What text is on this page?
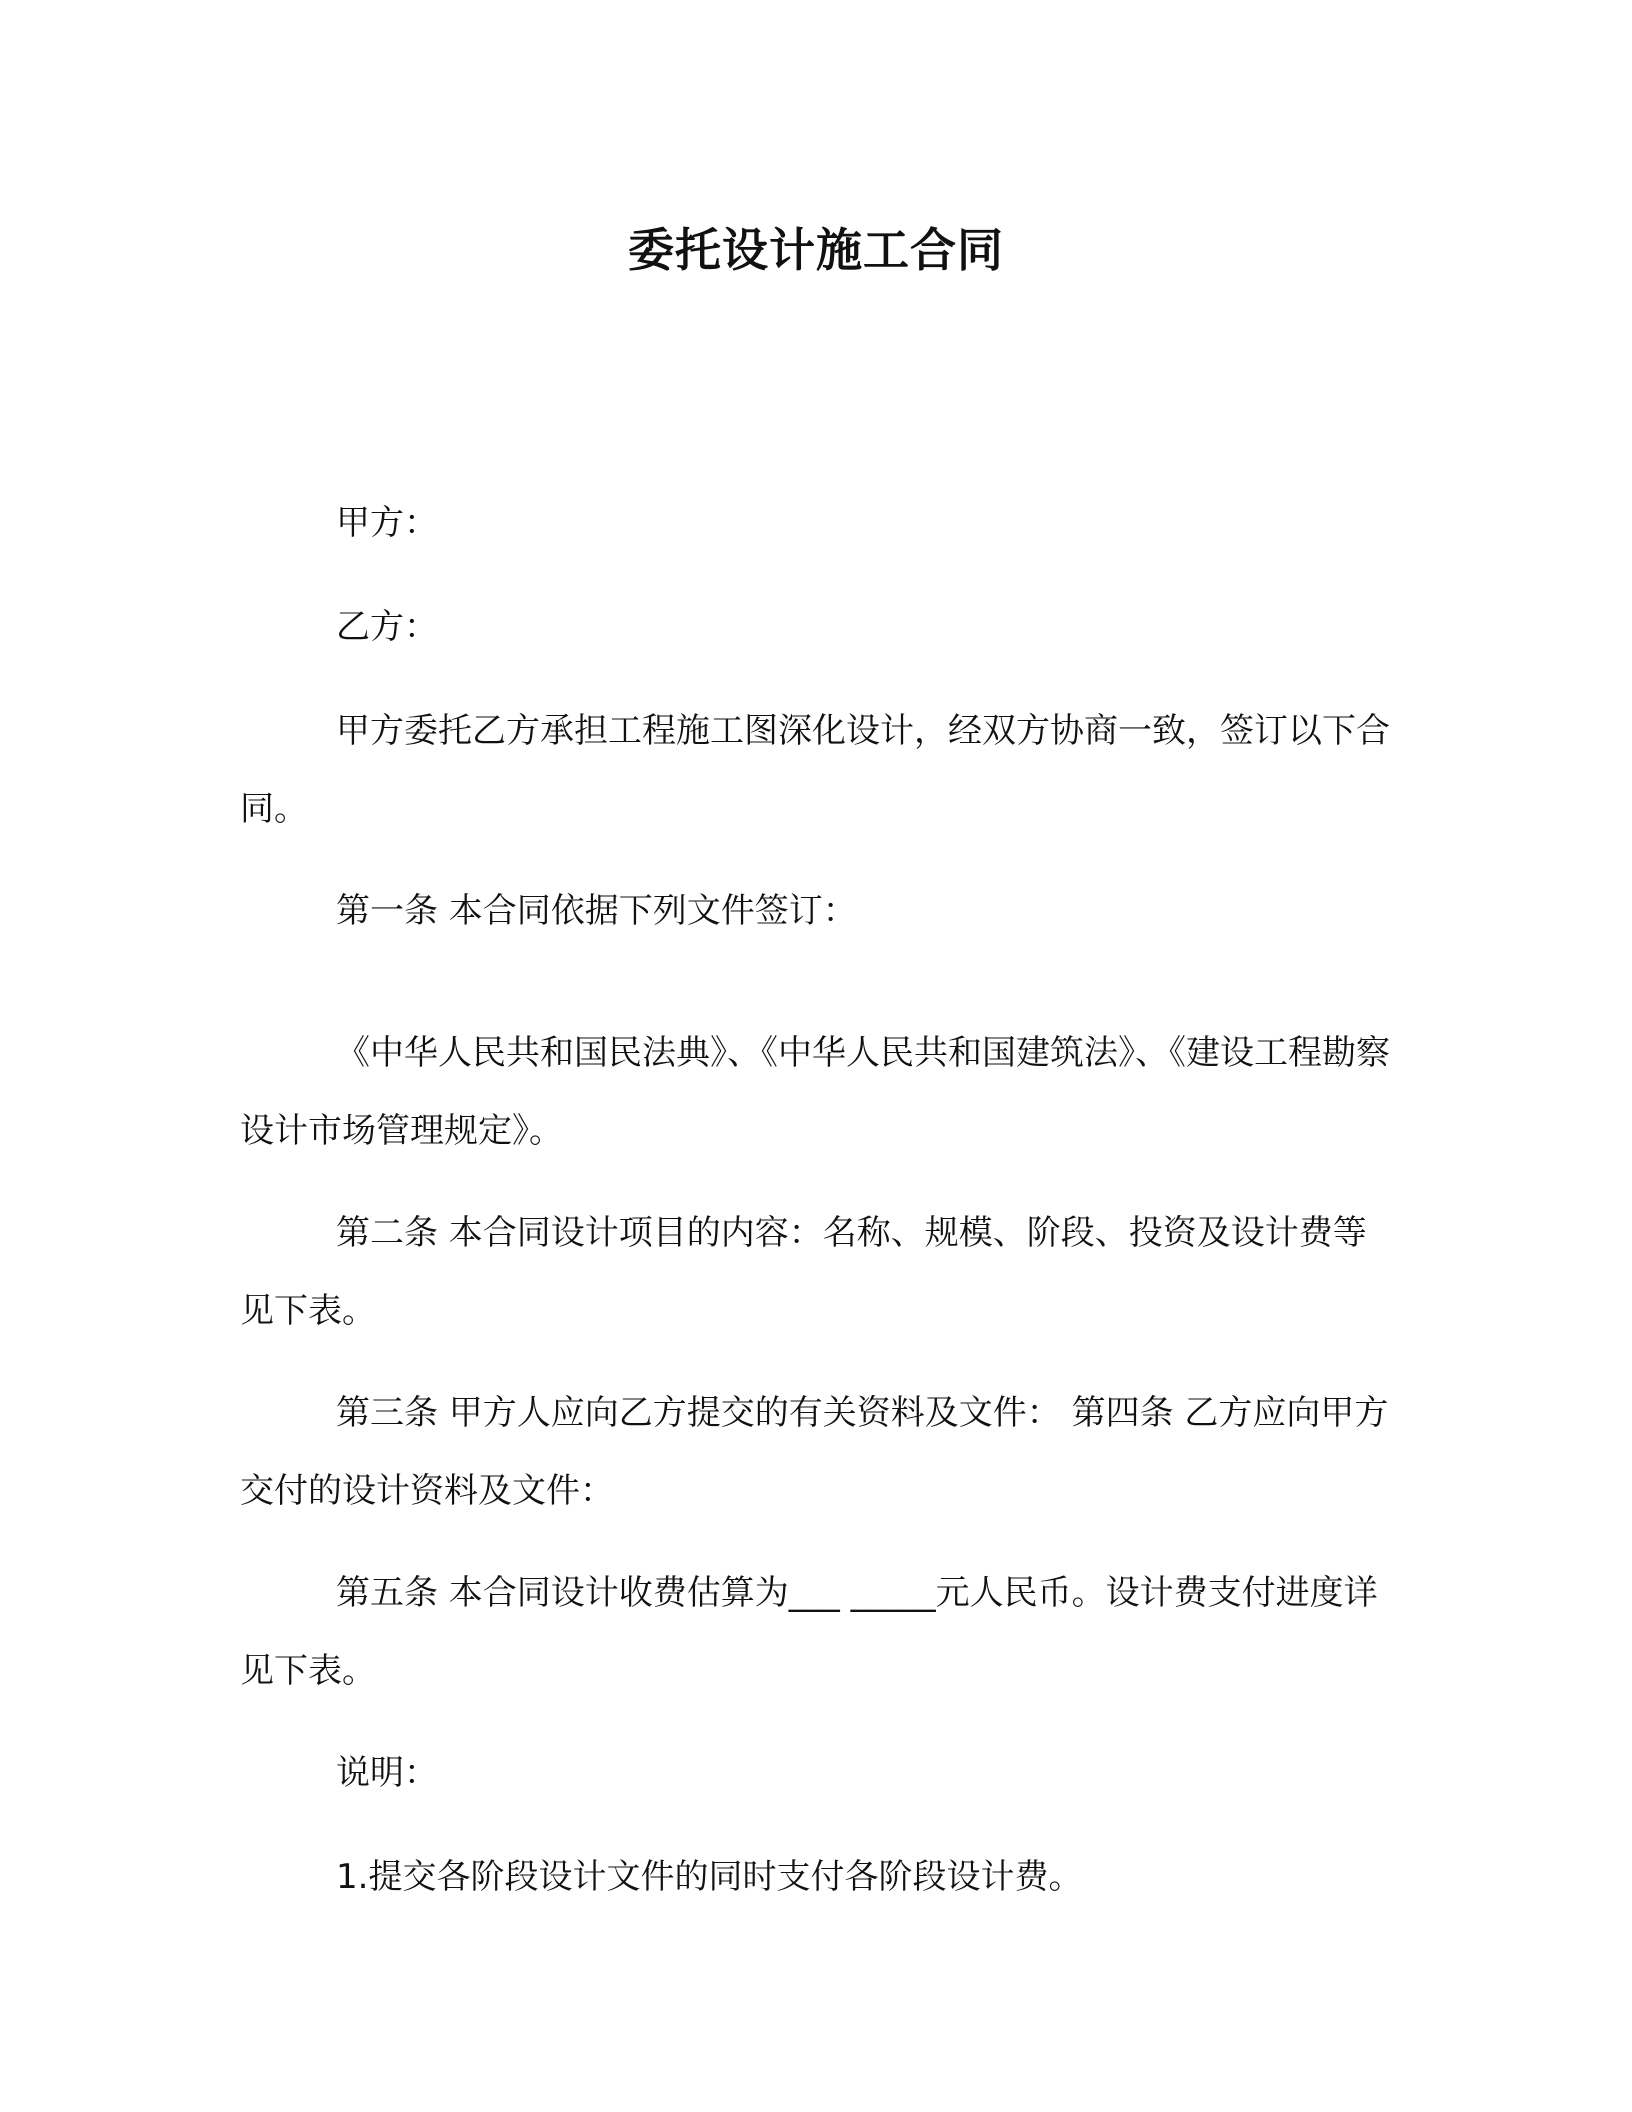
委托设计施工合同
甲方：
乙方：
甲方委托乙方承担工程施工图深化设计，经双方协商一致，签订以下合同。
第一条 本合同依据下列文件签订：
《中华人民共和国民法典》、《中华人民共和国建筑法》、《建设工程勘察设计市场管理规定》。
第二条 本合同设计项目的内容：名称、规模、阶段、投资及设计费等见下表。
第三条 甲方人应向乙方提交的有关资料及文件： 第四条 乙方应向甲方交付的设计资料及文件：
第五条 本合同设计收费估算为___ _____元人民币。设计费支付进度详见下表。
说明：
1.提交各阶段设计文件的同时支付各阶段设计费。
